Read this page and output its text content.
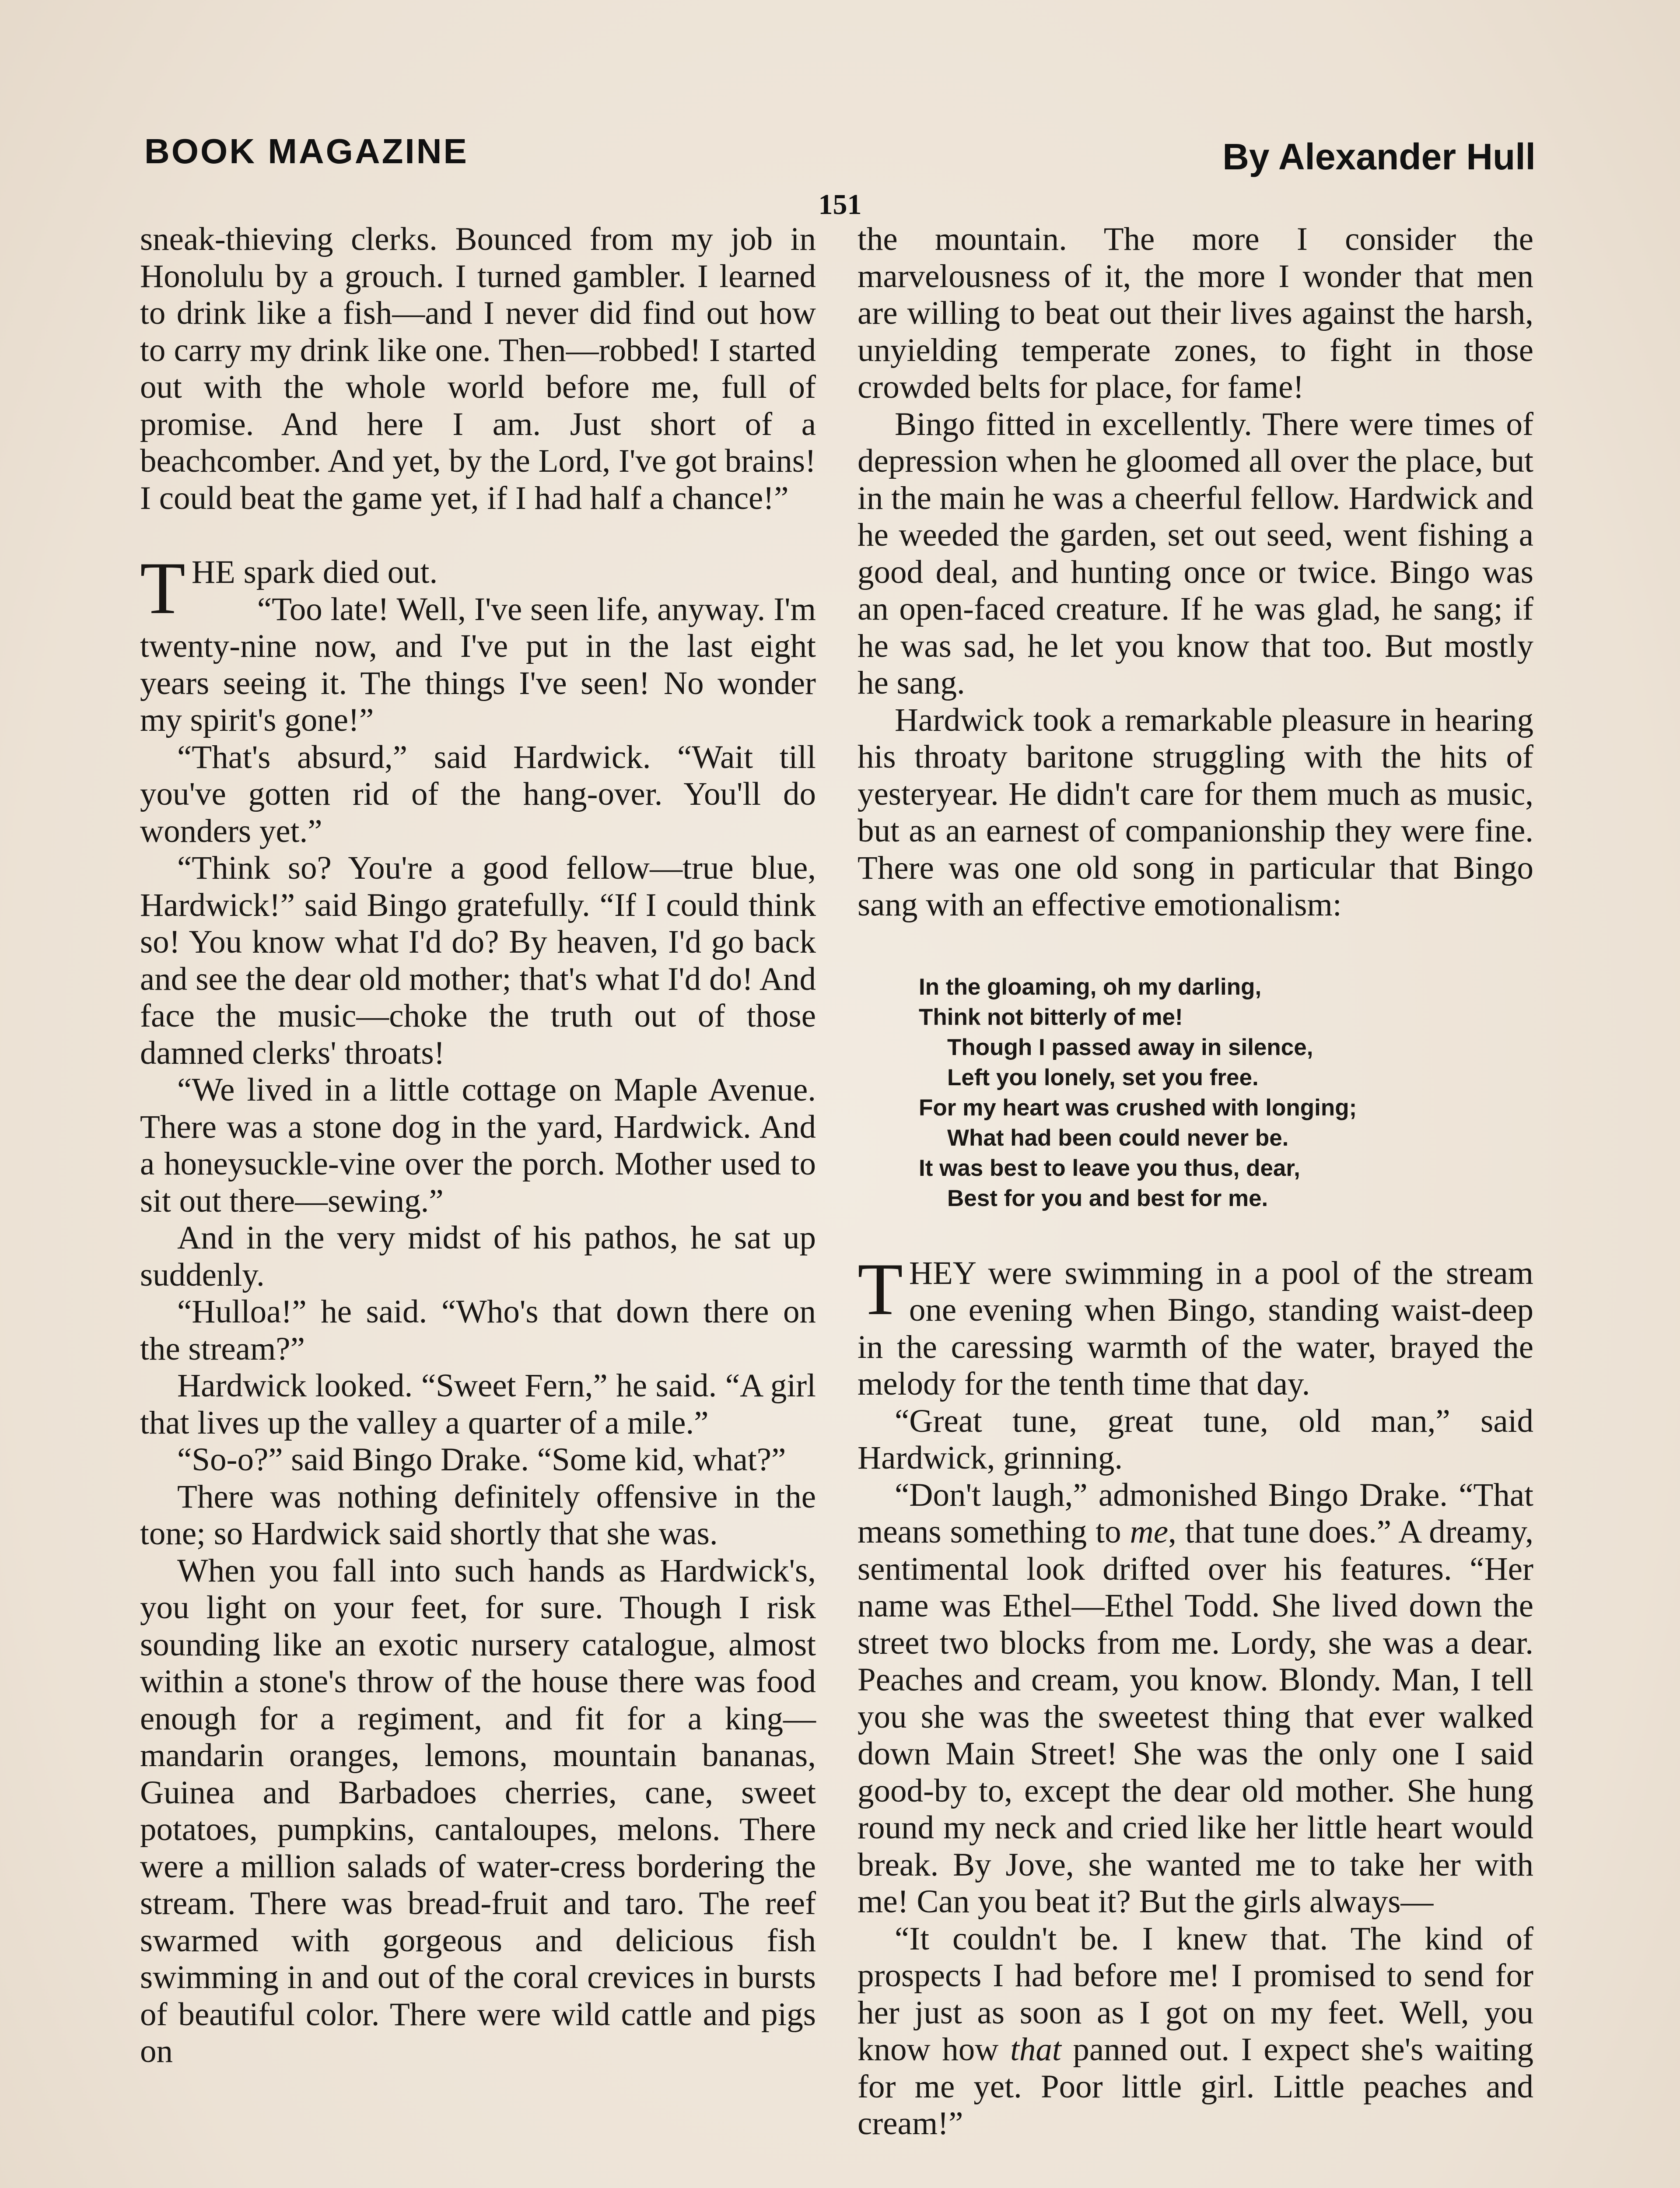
BOOK MAGAZINE	By Alexander Hull
151

sneak-thieving clerks. Bounced from my job in Honolulu by a grouch. I turned gambler. I learned to drink like a fish—and I never did find out how to carry my drink like one. Then—robbed! I started out with the whole world before me, full of promise. And here I am. Just short of a beachcomber. And yet, by the Lord, I've got brains! I could beat the game yet, if I had half a chance!”

THE spark died out.

“Too late! Well, I've seen life, anyway. I'm twenty-nine now, and I've put in the last eight years seeing it. The things I've seen! No wonder my spirit's gone!”

“That's absurd,” said Hardwick. “Wait till you've gotten rid of the hang-over. You'll do wonders yet.”

“Think so? You're a good fellow—true blue, Hardwick!” said Bingo gratefully. “If I could think so! You know what I'd do? By heaven, I'd go back and see the dear old mother; that's what I'd do! And face the music—choke the truth out of those damned clerks' throats!

“We lived in a little cottage on Maple Avenue. There was a stone dog in the yard, Hardwick. And a honeysuckle-vine over the porch. Mother used to sit out there—sewing.”

And in the very midst of his pathos, he sat up suddenly.

“Hulloa!” he said. “Who's that down there on the stream?”

Hardwick looked. “Sweet Fern,” he said. “A girl that lives up the valley a quarter of a mile.”

“So-o?” said Bingo Drake. “Some kid, what?”

There was nothing definitely offensive in the tone; so Hardwick said shortly that she was.

When you fall into such hands as Hardwick's, you light on your feet, for sure. Though I risk sounding like an exotic nursery catalogue, almost within a stone's throw of the house there was food enough for a regiment, and fit for a king—mandarin oranges, lemons, mountain bananas, Guinea and Barbadoes cherries, cane, sweet potatoes, pumpkins, cantaloupes, melons. There were a million salads of water-cress bordering the stream. There was bread-fruit and taro. The reef swarmed with gorgeous and delicious fish swimming in and out of the coral crevices in bursts of beautiful color. There were wild cattle and pigs on

the mountain. The more I consider the marvelousness of it, the more I wonder that men are willing to beat out their lives against the harsh, unyielding temperate zones, to fight in those crowded belts for place, for fame!

Bingo fitted in excellently. There were times of depression when he gloomed all over the place, but in the main he was a cheerful fellow. Hardwick and he weeded the garden, set out seed, went fishing a good deal, and hunting once or twice. Bingo was an open-faced creature. If he was glad, he sang; if he was sad, he let you know that too. But mostly he sang.

Hardwick took a remarkable pleasure in hearing his throaty baritone struggling with the hits of yesteryear. He didn't care for them much as music, but as an earnest of companionship they were fine. There was one old song in particular that Bingo sang with an effective emotionalism:

In the gloaming, oh my darling,
Think not bitterly of me!
Though I passed away in silence,
Left you lonely, set you free.
For my heart was crushed with longing;
What had been could never be.
It was best to leave you thus, dear,
Best for you and best for me.

THEY were swimming in a pool of the stream one evening when Bingo, standing waist-deep in the caressing warmth of the water, brayed the melody for the tenth time that day.

“Great tune, great tune, old man,” said Hardwick, grinning.

“Don't laugh,” admonished Bingo Drake. “That means something to me, that tune does.” A dreamy, sentimental look drifted over his features. “Her name was Ethel—Ethel Todd. She lived down the street two blocks from me. Lordy, she was a dear. Peaches and cream, you know. Blondy. Man, I tell you she was the sweetest thing that ever walked down Main Street! She was the only one I said good-by to, except the dear old mother. She hung round my neck and cried like her little heart would break. By Jove, she wanted me to take her with me! Can you beat it? But the girls always—

“It couldn't be. I knew that. The kind of prospects I had before me! I promised to send for her just as soon as I got on my feet. Well, you know how that panned out. I expect she's waiting for me yet. Poor little girl. Little peaches and cream!”
